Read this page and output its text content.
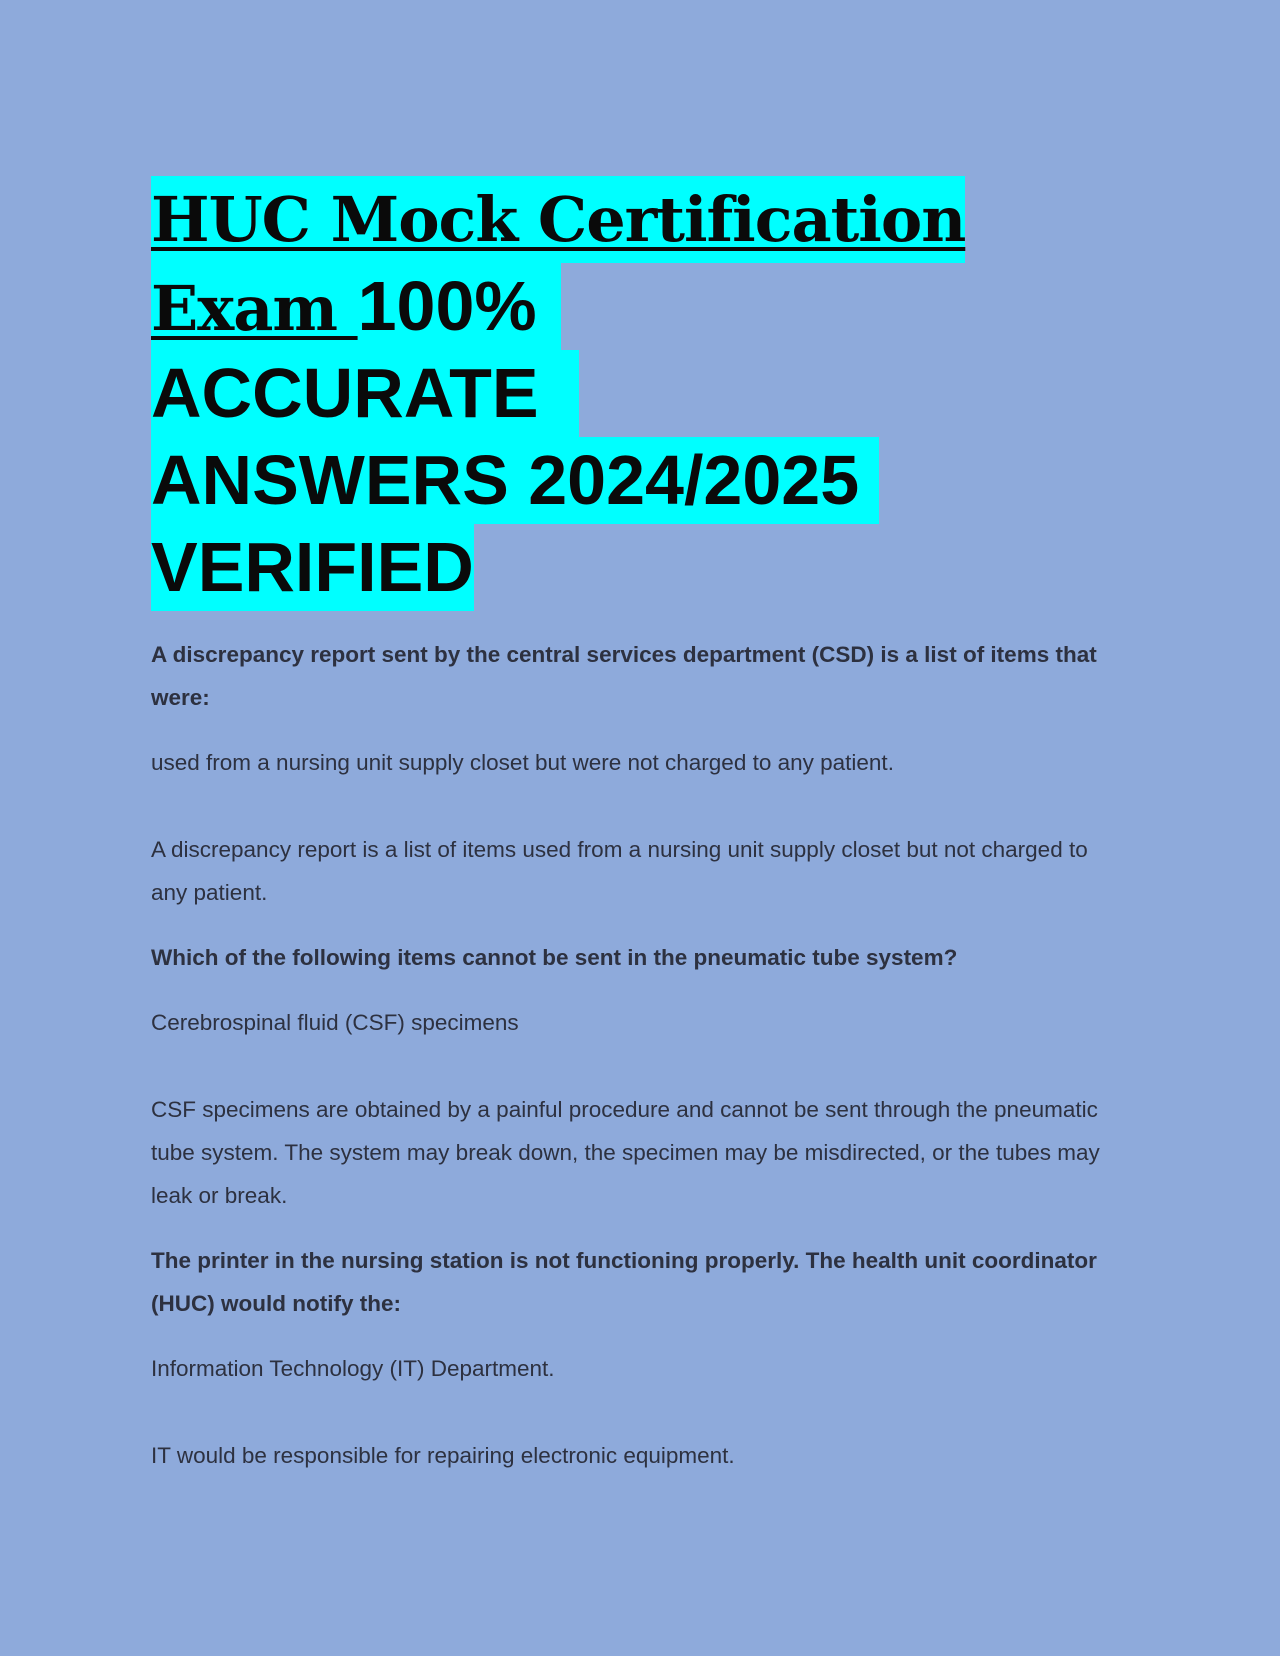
HUC Mock Certification
Exam 100%
ACCURATE
ANSWERS 2024/2025
VERIFIED

A discrepancy report sent by the central services department (CSD) is a list of items that were:

used from a nursing unit supply closet but were not charged to any patient.

A discrepancy report is a list of items used from a nursing unit supply closet but not charged to any patient.

Which of the following items cannot be sent in the pneumatic tube system?

Cerebrospinal fluid (CSF) specimens

CSF specimens are obtained by a painful procedure and cannot be sent through the pneumatic tube system. The system may break down, the specimen may be misdirected, or the tubes may leak or break.

The printer in the nursing station is not functioning properly. The health unit coordinator (HUC) would notify the:

Information Technology (IT) Department.

IT would be responsible for repairing electronic equipment.
